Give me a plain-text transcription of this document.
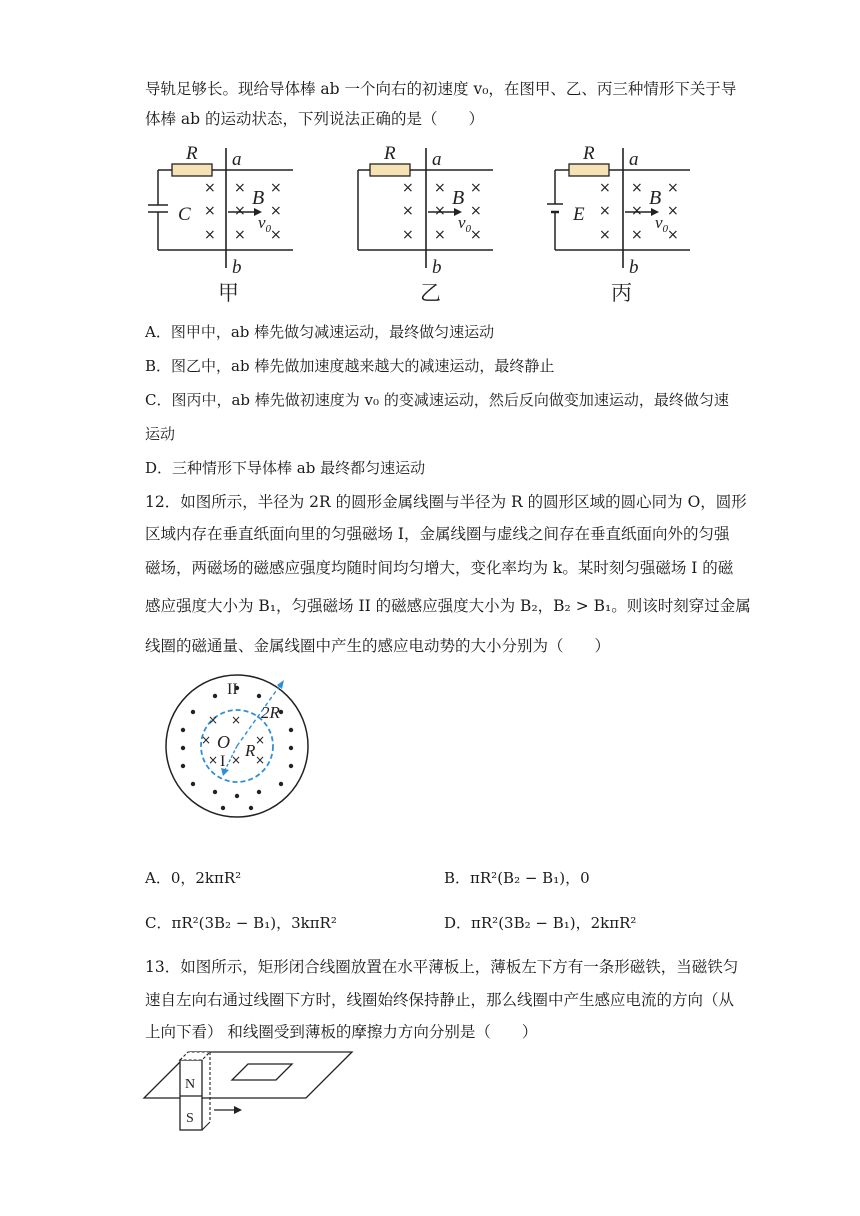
导轨足够长。现给导体棒 ab 一个向右的初速度 v₀，在图甲、乙、丙三种情形下关于导
体棒 ab 的运动状态，下列说法正确的是（　　）
×
×
×
×
×
×
×
×
×
R a
b
C
B
$v_0$
甲
×
×
×
×
×
×
×
×
×
R a
b
B
$v_0$
乙
×
×
×
×
×
×
×
×
×
R a
b
E
B
$v_0$
丙
A．图甲中，ab 棒先做匀减速运动，最终做匀速运动
B．图乙中，ab 棒先做加速度越来越大的减速运动，最终静止
C．图丙中，ab 棒先做初速度为 v₀ 的变减速运动，然后反向做变加速运动，最终做匀速
运动
D．三种情形下导体棒 ab 最终都匀速运动
12．如图所示，半径为 2R 的圆形金属线圈与半径为 R 的圆形区域的圆心同为 O，圆形
区域内存在垂直纸面向里的匀强磁场 I，金属线圈与虚线之间存在垂直纸面向外的匀强
磁场，两磁场的磁感应强度均随时间均匀增大，变化率均为 k。某时刻匀强磁场 I 的磁
感应强度大小为 B₁，匀强磁场 II 的磁感应强度大小为 B₂，B₂ > B₁。则该时刻穿过金属
线圈的磁通量、金属线圈中产生的感应电动势的大小分别为（　　）
× ×
×	×
× × ×
II
I
O
2R
R
A．0，2kπR²	B．πR²(B₂ − B₁)，0
C．πR²(3B₂ − B₁)，3kπR²	D．πR²(3B₂ − B₁)，2kπR²
13．如图所示，矩形闭合线圈放置在水平薄板上，薄板左下方有一条形磁铁，当磁铁匀
速自左向右通过线圈下方时，线圈始终保持静止，那么线圈中产生感应电流的方向（从
上向下看） 和线圈受到薄板的摩擦力方向分别是（　　）
N
S
